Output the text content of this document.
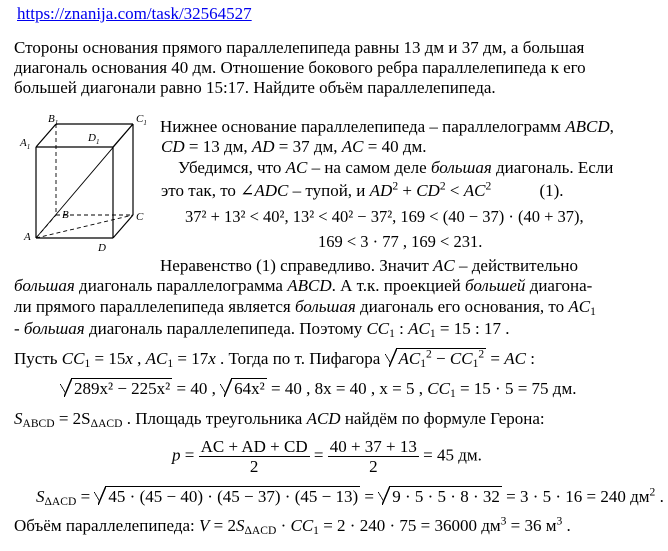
https://znanija.com/task/32564527
Стороны основания прямого параллелепипеда равны 13 дм и 37 дм, а большая
диагональ основания 40 дм. Отношение бокового ребра параллелепипеда к его
большей диагонали равно 15:17. Найдите объём параллелепипеда.
$B_1$	$C_1$
$A_1$
$D_1$
B	C
A
D
Нижнее основание параллелепипеда – параллелограмм ABCD,
CD = 13 дм, AD = 37 дм, AC = 40 дм.
Убедимся, что AC – на самом деле большая диагональ. Если
это так, то ∠ADC – тупой, и $AD^2 + CD^2 < AC^2$	(1).
37² + 13² < 40², 13² < 40² − 37², 169 < (40 − 37) · (40 + 37),
169 < 3 · 77 , 169 < 231.
Неравенство (1) справедливо. Значит AC – действительно
большая диагональ параллелограмма ABCD. А т.к. проекцией большей диагона-
ли прямого параллелепипеда является большая диагональ его основания, то $AC_1$
- большая диагональ параллелепипеда. Поэтому $CC_1$ : $AC_1 = 15$ : 17 .
Пусть $CC_1 = 15x$ , $AC_1 = 17x$ . Тогда по т. Пифагора $AC_1^2 - CC_1^2$ = AC :
289x² − 225x² = 40 , 64x² = 40 , 8x = 40 , x = 5 , $CC_1 = 15 \cdot 5 = 75$ дм.
$S_{ABCD} = 2S_{\Delta ACD}$ . Площадь треугольника ACD найдём по формуле Герона:
$p = \frac{AC + AD + CD}{2} = \frac{40 + 37 + 13}{2} = 45$ дм.
$S_{\Delta ACD} = 45 \cdot (45 - 40) \cdot (45 - 37) \cdot (45 - 13) = 9 \cdot 5 \cdot 5 \cdot 8 \cdot 32 = 3 \cdot 5 \cdot 16 = 240$ $дм^2$ .
Объём параллелепипеда: $V = 2S_{\Delta ACD} \cdot CC_1 = 2 \cdot 240 \cdot 75 = 36000$ $дм^3 = 36$ $м^3$ .
